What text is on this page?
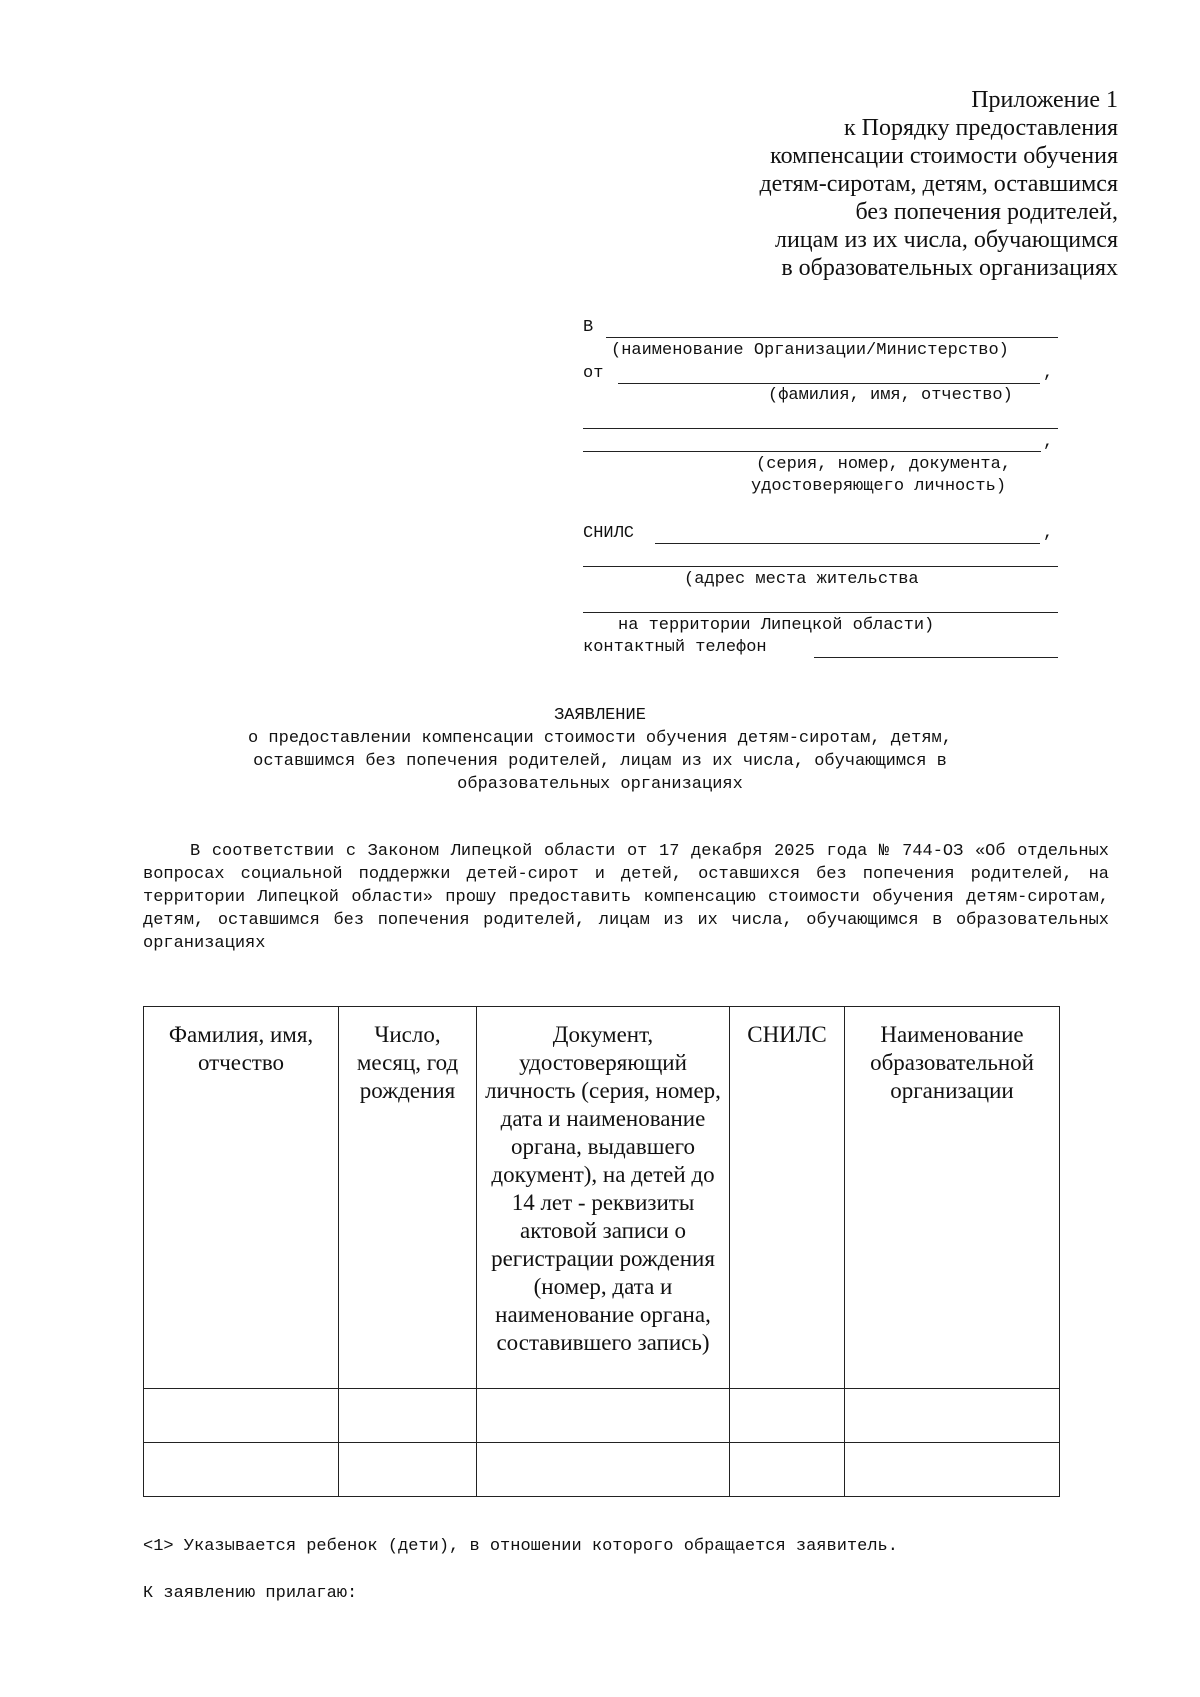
Приложение 1
к Порядку предоставления
компенсации стоимости обучения
детям-сиротам, детям, оставшимся
без попечения родителей,
лицам из их числа, обучающимся
в образовательных организациях
В
(наименование Организации/Министерство)
от	,
(фамилия, имя, отчество)
,
(серия, номер, документа,
удостоверяющего личность)
СНИЛС	,
(адрес места жительства
на территории Липецкой области)
контактный телефон
ЗАЯВЛЕНИЕ
о предоставлении компенсации стоимости обучения детям-сиротам, детям,
оставшимся без попечения родителей, лицам из их числа, обучающимся в
образовательных организациях
В соответствии с Законом Липецкой области от 17 декабря 2025 года № 744-ОЗ «Об отдельных вопросах социальной поддержки детей-сирот и детей, оставшихся без попечения родителей, на территории Липецкой области» прошу предоставить компенсацию стоимости обучения детям-сиротам, детям, оставшимся без попечения родителей, лицам из их числа, обучающимся в образовательных организациях
Фамилия, имя, отчество	Число, месяц, год рождения	Документ, удостоверяющий личность (серия, номер, дата и наименование органа, выдавшего документ), на детей до 14 лет - реквизиты актовой записи о регистрации рождения (номер, дата и наименование органа, составившего запись)	СНИЛС	Наименование образовательной организации

<1> Указывается ребенок (дети), в отношении которого обращается заявитель.
К заявлению прилагаю:
